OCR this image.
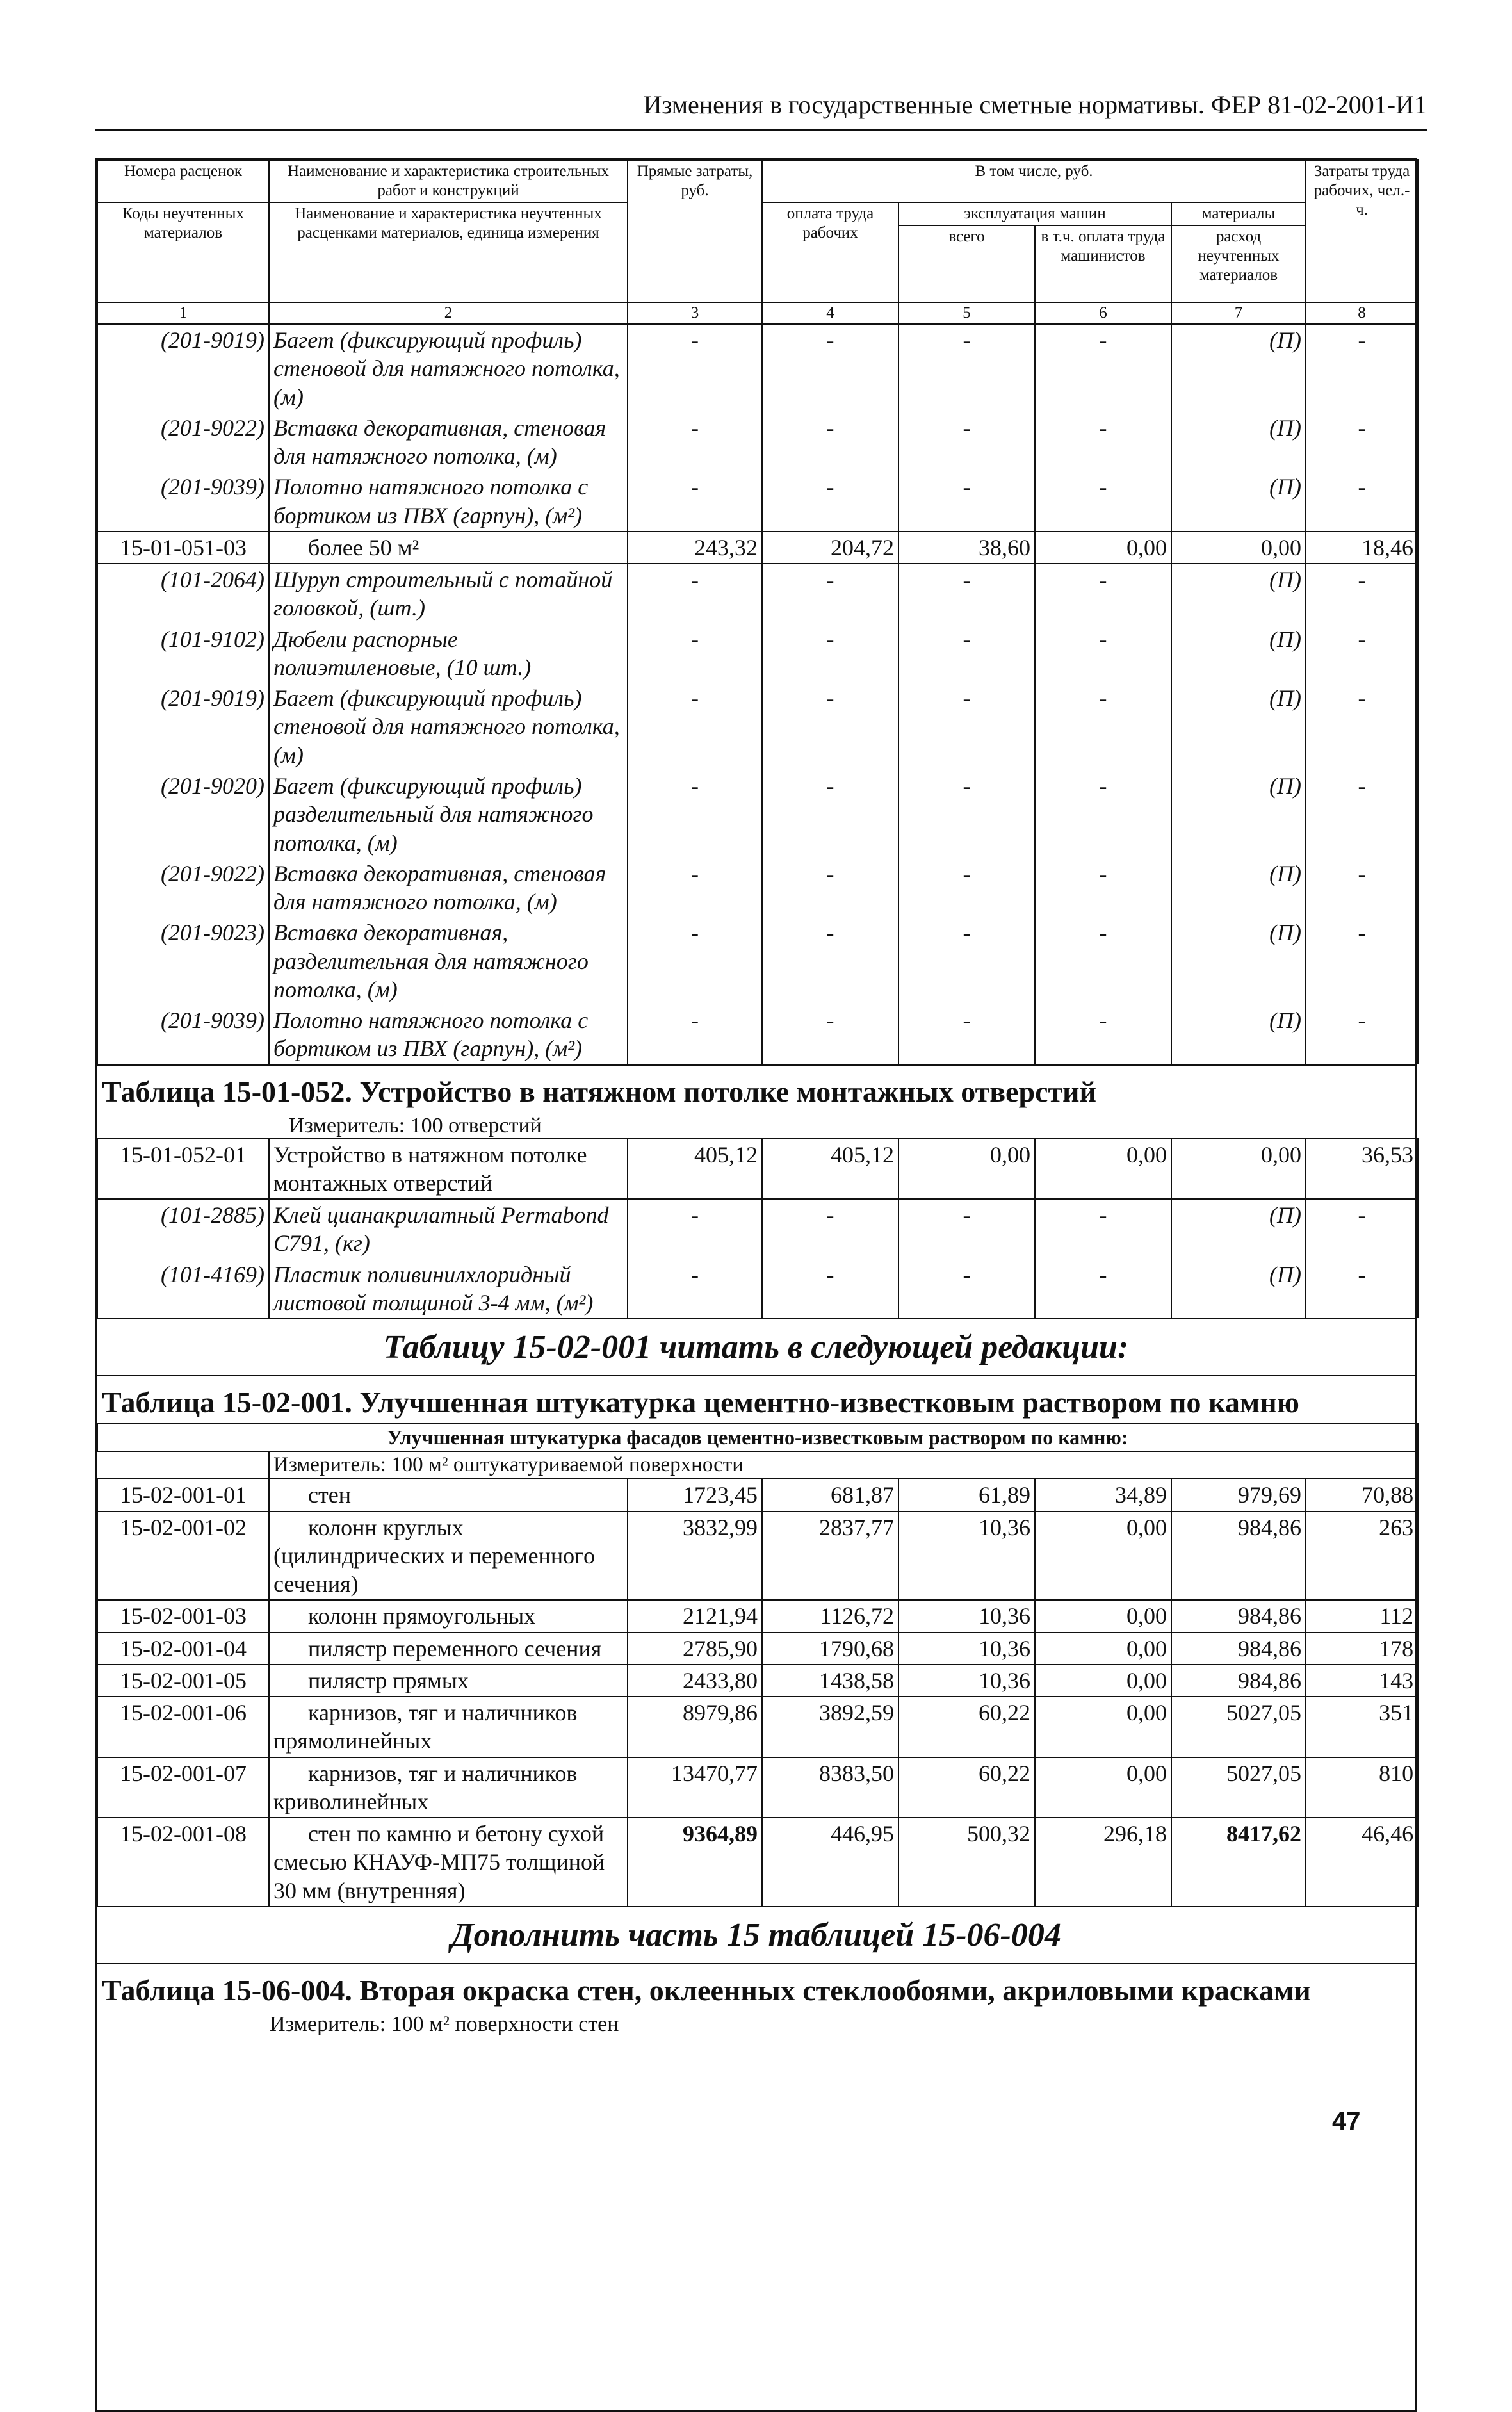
Изменения в государственные сметные нормативы. ФЕР 81-02-2001-И1
Номера расценок	Наименование и характеристика строительных работ и конструкций	Прямые затраты, руб.	В том числе, руб.				Затраты труда рабочих, чел.-ч.
Коды неучтенных материалов	Наименование и характеристика неучтенных расценками материалов, единица измерения		оплата труда рабочих	эксплуатация машин		материалы	
				всего	в т.ч. оплата труда машинистов	расход неучтенных материалов	

1	2	3	4	5	6	7	8
(201-9019)	Багет (фиксирующий профиль) стеновой для натяжного потолка, (м)	-	-	-	-	(П)	-
(201-9022)	Вставка декоративная, стеновая для натяжного потолка, (м)	-	-	-	-	(П)	-
(201-9039)	Полотно натяжного потолка с бортиком из ПВХ (гарпун), (м²)	-	-	-	-	(П)	-
15-01-051-03	более 50 м²	243,32	204,72	38,60	0,00	0,00	18,46
(101-2064)	Шуруп строительный с потайной головкой, (шт.)	-	-	-	-	(П)	-
(101-9102)	Дюбели распорные полиэтиленовые, (10 шт.)	-	-	-	-	(П)	-
(201-9019)	Багет (фиксирующий профиль) стеновой для натяжного потолка, (м)	-	-	-	-	(П)	-
(201-9020)	Багет (фиксирующий профиль) разделительный для натяжного потолка, (м)	-	-	-	-	(П)	-
(201-9022)	Вставка декоративная, стеновая для натяжного потолка, (м)	-	-	-	-	(П)	-
(201-9023)	Вставка декоративная, разделительная для натяжного потолка, (м)	-	-	-	-	(П)	-
(201-9039)	Полотно натяжного потолка с бортиком из ПВХ (гарпун), (м²)	-	-	-	-	(П)	-
Таблица 15-01-052. Устройство в натяжном потолке монтажных отверстий
Измеритель: 100 отверстий
15-01-052-01	Устройство в натяжном потолке монтажных отверстий	405,12	405,12	0,00	0,00	0,00	36,53
(101-2885)	Клей цианакрилатный Permabond C791, (кг)	-	-	-	-	(П)	-
(101-4169)	Пластик поливинилхлоридный листовой толщиной 3-4 мм, (м²)	-	-	-	-	(П)	-
Таблицу 15-02-001 читать в следующей редакции:
Таблица 15-02-001. Улучшенная штукатурка цементно-известковым раствором по камню
Улучшенная штукатурка фасадов цементно-известковым раствором по камню:							
	Измеритель: 100 м² оштукатуриваемой поверхности						
15-02-001-01	стен	1723,45	681,87	61,89	34,89	979,69	70,88
15-02-001-02	колонн круглых (цилиндрических и переменного сечения)	3832,99	2837,77	10,36	0,00	984,86	263
15-02-001-03	колонн прямоугольных	2121,94	1126,72	10,36	0,00	984,86	112
15-02-001-04	пилястр переменного сечения	2785,90	1790,68	10,36	0,00	984,86	178
15-02-001-05	пилястр прямых	2433,80	1438,58	10,36	0,00	984,86	143
15-02-001-06	карнизов, тяг и наличников прямолинейных	8979,86	3892,59	60,22	0,00	5027,05	351
15-02-001-07	карнизов, тяг и наличников криволинейных	13470,77	8383,50	60,22	0,00	5027,05	810
15-02-001-08	стен по камню и бетону сухой смесью КНАУФ-МП75 толщиной 30 мм (внутренняя)	9364,89	446,95	500,32	296,18	8417,62	46,46
Дополнить часть 15 таблицей 15-06-004
Таблица 15-06-004. Вторая окраска стен, оклеенных стеклообоями, акриловыми красками
Измеритель: 100 м² поверхности стен
47
